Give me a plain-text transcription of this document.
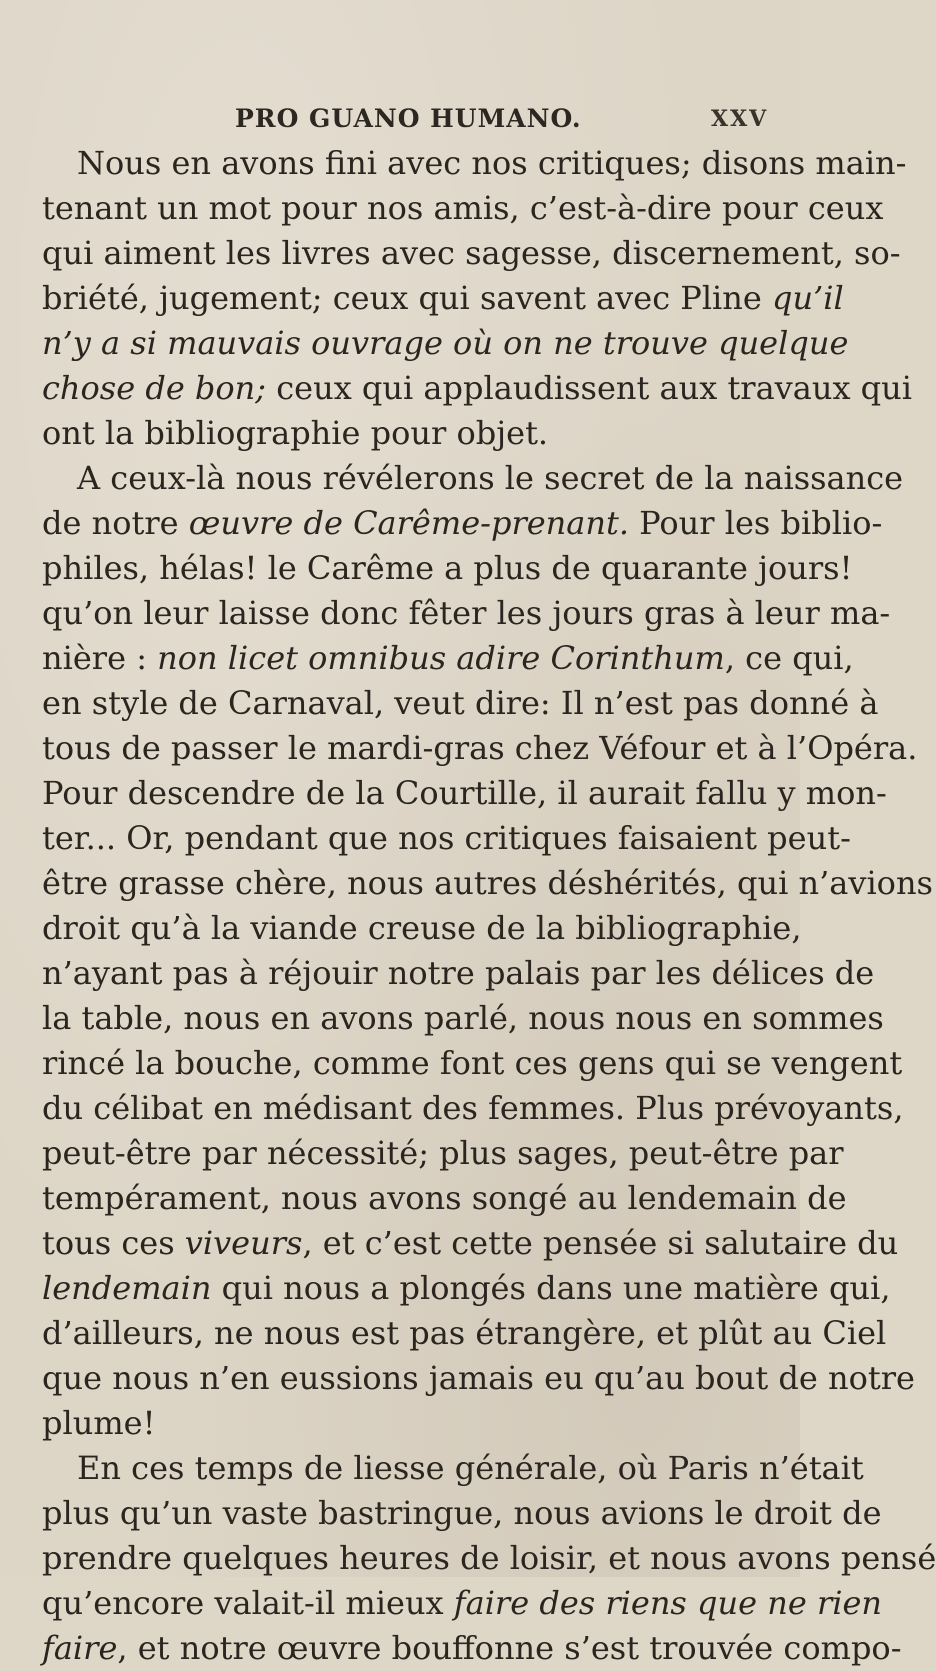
PRO GUANO HUMANO.	XXV
Nous en avons fini avec nos critiques; disons main-
tenant un mot pour nos amis, c’est-à-dire pour ceux
qui aiment les livres avec sagesse, discernement, so-
briété, jugement; ceux qui savent avec Pline qu’il
n’y a si mauvais ouvrage où on ne trouve quelque
chose de bon; ceux qui applaudissent aux travaux qui
ont la bibliographie pour objet.
A ceux-là nous révélerons le secret de la naissance
de notre œuvre de Carême-prenant. Pour les biblio-
philes, hélas! le Carême a plus de quarante jours!
qu’on leur laisse donc fêter les jours gras à leur ma-
nière : non licet omnibus adire Corinthum, ce qui,
en style de Carnaval, veut dire: Il n’est pas donné à
tous de passer le mardi-gras chez Véfour et à l’Opéra.
Pour descendre de la Courtille, il aurait fallu y mon-
ter... Or, pendant que nos critiques faisaient peut-
être grasse chère, nous autres déshérités, qui n’avions
droit qu’à la viande creuse de la bibliographie,
n’ayant pas à réjouir notre palais par les délices de
la table, nous en avons parlé, nous nous en sommes
rincé la bouche, comme font ces gens qui se vengent
du célibat en médisant des femmes. Plus prévoyants,
peut-être par nécessité; plus sages, peut-être par
tempérament, nous avons songé au lendemain de
tous ces viveurs, et c’est cette pensée si salutaire du
lendemain qui nous a plongés dans une matière qui,
d’ailleurs, ne nous est pas étrangère, et plût au Ciel
que nous n’en eussions jamais eu qu’au bout de notre
plume!
En ces temps de liesse générale, où Paris n’était
plus qu’un vaste bastringue, nous avions le droit de
prendre quelques heures de loisir, et nous avons pensé
qu’encore valait-il mieux faire des riens que ne rien
faire, et notre œuvre bouffonne s’est trouvée compo-
